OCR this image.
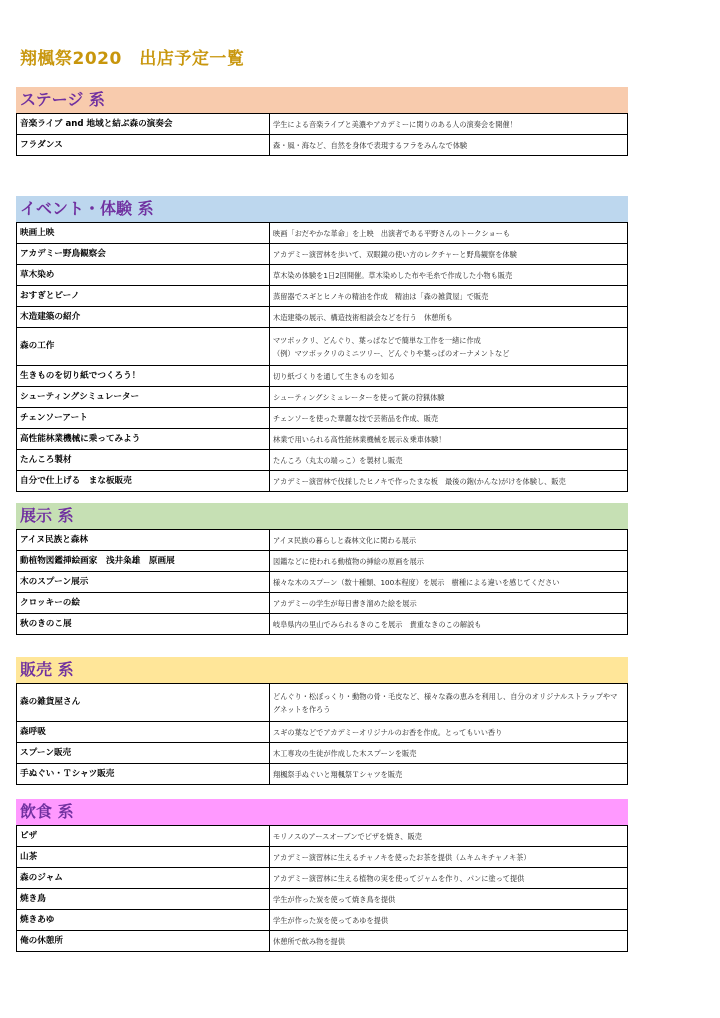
翔楓祭2020　出店予定一覧
ステージ 系
音楽ライブ and 地域と結ぶ森の演奏会	学生による音楽ライブと美濃やアカデミーに関りのある人の演奏会を開催！

フラダンス	森・風・海など、自然を身体で表現するフラをみんなで体験
イベント・体験 系
映画上映	映画「おだやかな革命」を上映　出演者である平野さんのトークショーも

アカデミー野鳥観察会	アカデミー演習林を歩いて、双眼鏡の使い方のレクチャーと野鳥観察を体験

草木染め	草木染め体験を1日2回開催。草木染めした布や毛糸で作成した小物も販売

おすぎとピーノ	蒸留器でスギとヒノキの精油を作成　精油は「森の雑貨屋」で販売

木造建築の紹介	木造建築の展示、構造技術相談会などを行う　休憩所も

森の工作	マツボックリ、どんぐり、葉っぱなどで簡単な工作を一緒に作成
（例）マツボックリのミニツリー、どんぐりや葉っぱのオーナメントなど

生きものを切り紙でつくろう！	切り紙づくりを通して生きものを知る

シューティングシミュレーター	シューティングシミュレーターを使って銃の狩猟体験

チェンソーアート	チェンソーを使った華麗な技で芸術品を作成、販売

高性能林業機械に乗ってみよう	林業で用いられる高性能林業機械を展示＆乗車体験！

たんころ製材	たんころ（丸太の端っこ）を製材し販売

自分で仕上げる　まな板販売	アカデミー演習林で伐採したヒノキで作ったまな板　最後の鉋(かんな)がけを体験し、販売
展示 系
アイヌ民族と森林	アイヌ民族の暮らしと森林文化に関わる展示

動植物図鑑挿絵画家　浅井粂雄　原画展	図鑑などに使われる動植物の挿絵の原画を展示

木のスプーン展示	様々な木のスプーン（数十種類、100本程度）を展示　樹種による違いを感じてください

クロッキーの絵	アカデミーの学生が毎日書き溜めた絵を展示

秋のきのこ展	岐阜県内の里山でみられるきのこを展示　貴重なきのこの解説も
販売 系
森の雑貨屋さん	どんぐり・松ぼっくり・動物の骨・毛皮など、様々な森の恵みを利用し、自分のオリジナルストラップやマグネットを作ろう

森呼吸	スギの葉などでアカデミーオリジナルのお香を作成。とってもいい香り

スプーン販売	木工専攻の生徒が作成した木スプーンを販売

手ぬぐい・Ｔシャツ販売	翔楓祭手ぬぐいと翔楓祭Ｔシャツを販売
飲食 系
ピザ	モリノスのアースオーブンでピザを焼き、販売

山茶	アカデミー演習林に生えるチャノキを使ったお茶を提供（ムキムキチャノキ茶）

森のジャム	アカデミー演習林に生える植物の実を使ってジャムを作り、パンに塗って提供

焼き鳥	学生が作った炭を使って焼き鳥を提供

焼きあゆ	学生が作った炭を使ってあゆを提供

俺の休憩所	休憩所で飲み物を提供
